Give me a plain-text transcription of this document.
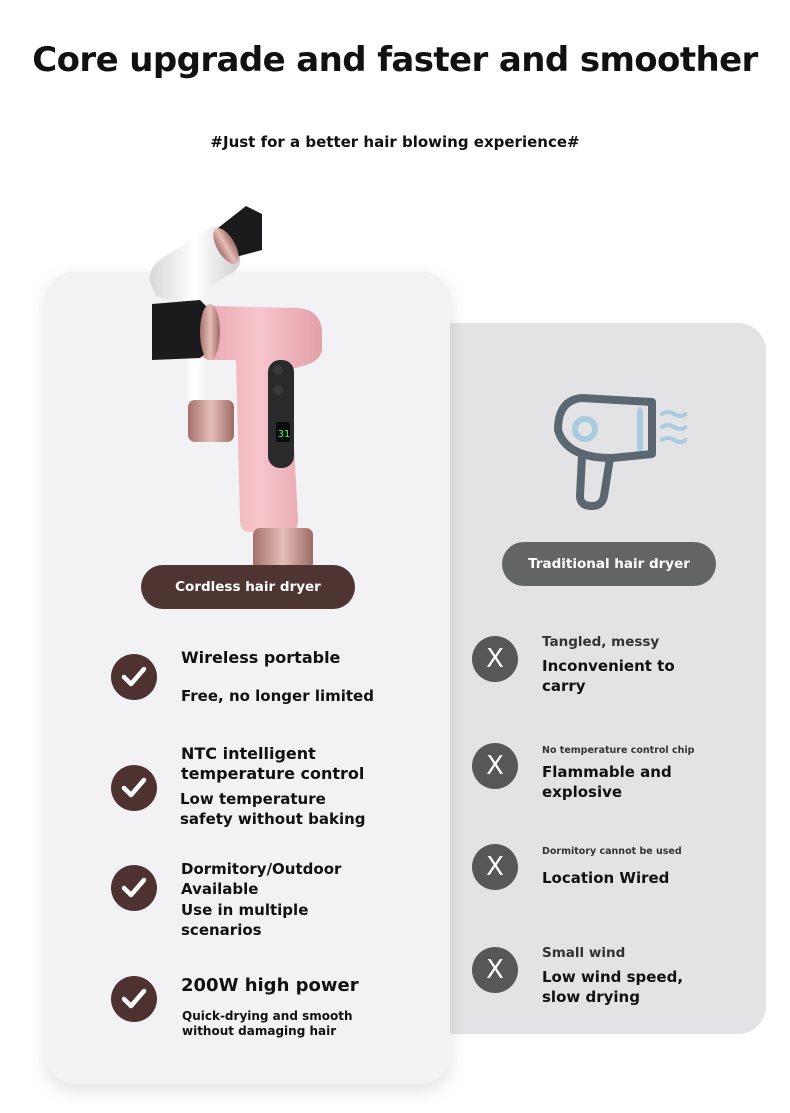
Core upgrade and faster and smoother
#Just for a better hair blowing experience#
31
Cordless hair dryer
Traditional hair dryer
Wireless portable
Free, no longer limited
NTC intelligent temperature control
Low temperature safety without baking
Dormitory/Outdoor Available
Use in multiple scenarios
200W high power
Quick-drying and smooth without damaging hair
X
Tangled, messy
Inconvenient to carry
X
No temperature control chip
Flammable and explosive
X
Dormitory cannot be used
Location Wired
X
Small wind
Low wind speed, slow drying
